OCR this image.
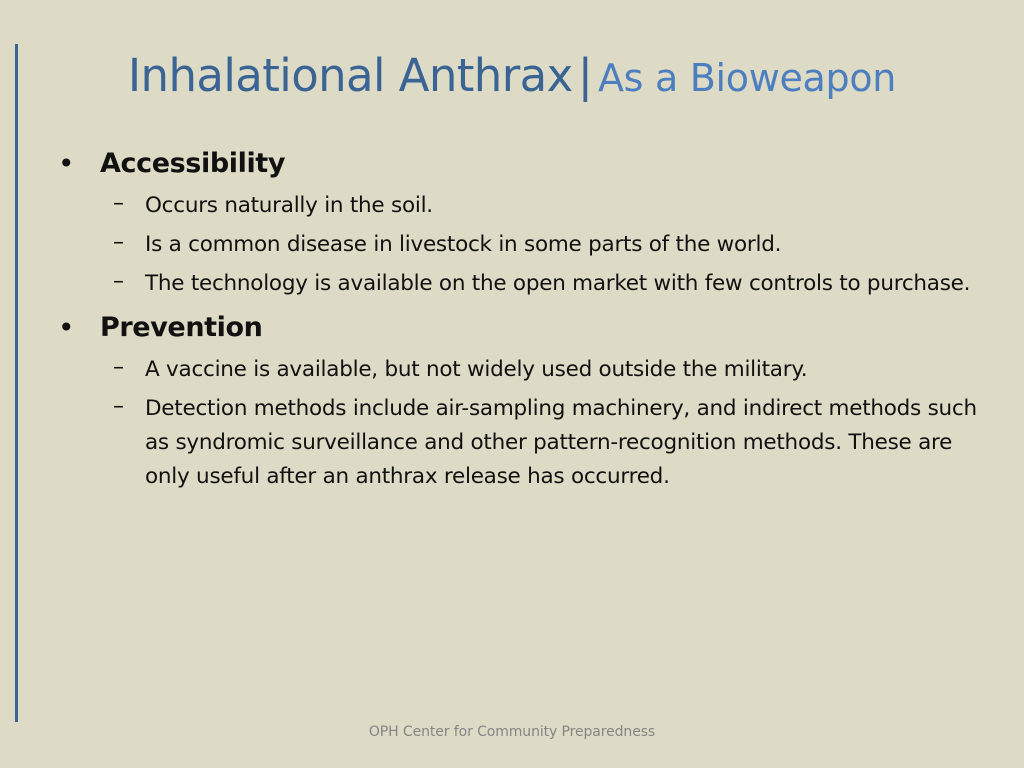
Inhalational Anthrax | As a Bioweapon
• Accessibility
– Occurs naturally in the soil.
– Is a common disease in livestock in some parts of the world.
– The technology is available on the open market with few controls to purchase.
• Prevention
– A vaccine is available, but not widely used outside the military.
– Detection methods include air-sampling machinery, and indirect methods such as syndromic surveillance and other pattern-recognition methods. These are only useful after an anthrax release has occurred.
OPH Center for Community Preparedness
